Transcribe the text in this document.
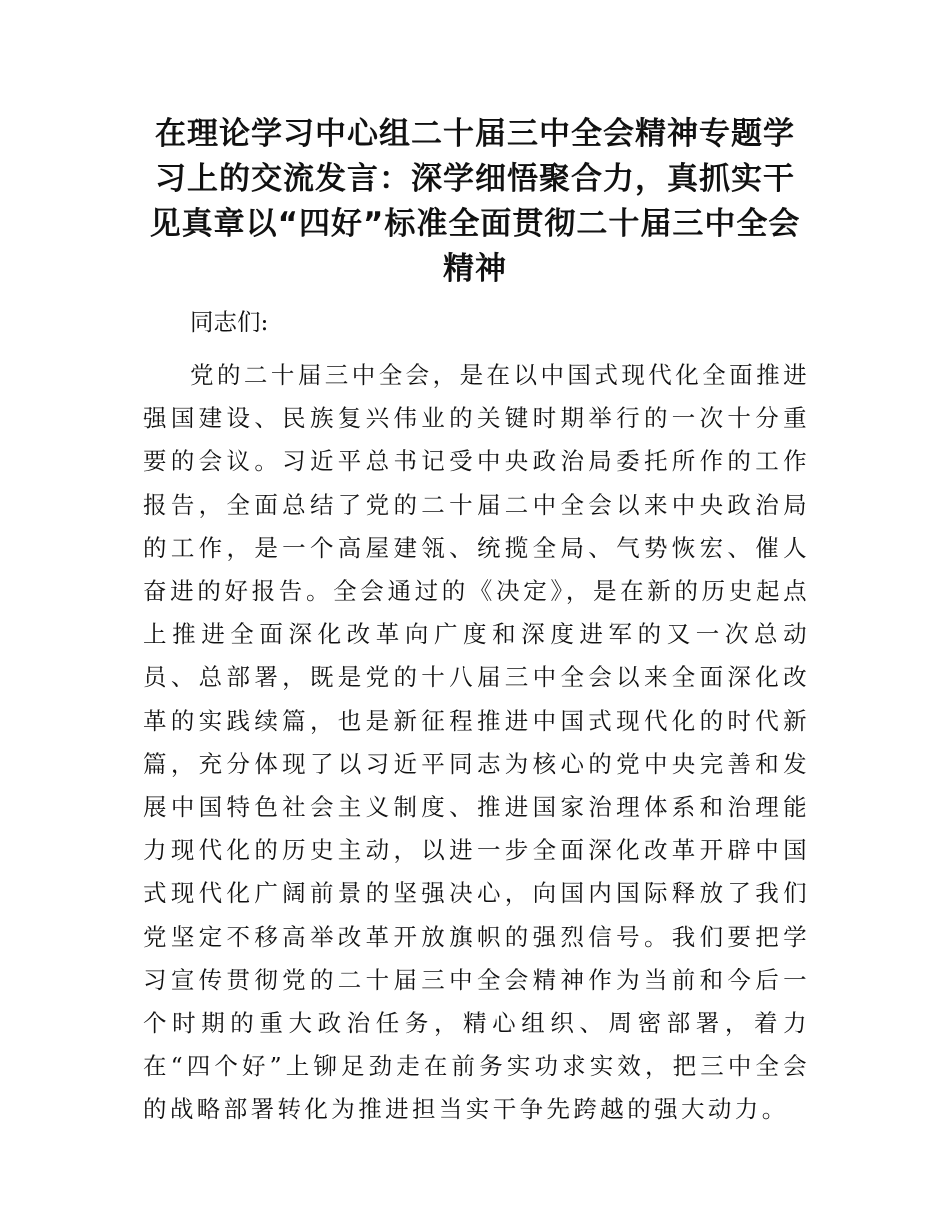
在理论学习中心组二十届三中全会精神专题学习上的交流发言：深学细悟聚合力，真抓实干见真章以“四好”标准全面贯彻二十届三中全会精神

同志们:

党的二十届三中全会，是在以中国式现代化全面推进强国建设、民族复兴伟业的关键时期举行的一次十分重要的会议。习近平总书记受中央政治局委托所作的工作报告，全面总结了党的二十届二中全会以来中央政治局的工作，是一个高屋建瓴、统揽全局、气势恢宏、催人奋进的好报告。全会通过的《决定》，是在新的历史起点上推进全面深化改革向广度和深度进军的又一次总动员、总部署，既是党的十八届三中全会以来全面深化改革的实践续篇，也是新征程推进中国式现代化的时代新篇，充分体现了以习近平同志为核心的党中央完善和发展中国特色社会主义制度、推进国家治理体系和治理能力现代化的历史主动，以进一步全面深化改革开辟中国式现代化广阔前景的坚强决心，向国内国际释放了我们党坚定不移高举改革开放旗帜的强烈信号。我们要把学习宣传贯彻党的二十届三中全会精神作为当前和今后一个时期的重大政治任务，精心组织、周密部署，着力在“四个好”上铆足劲走在前务实功求实效，把三中全会的战略部署转化为推进担当实干争先跨越的强大动力。
